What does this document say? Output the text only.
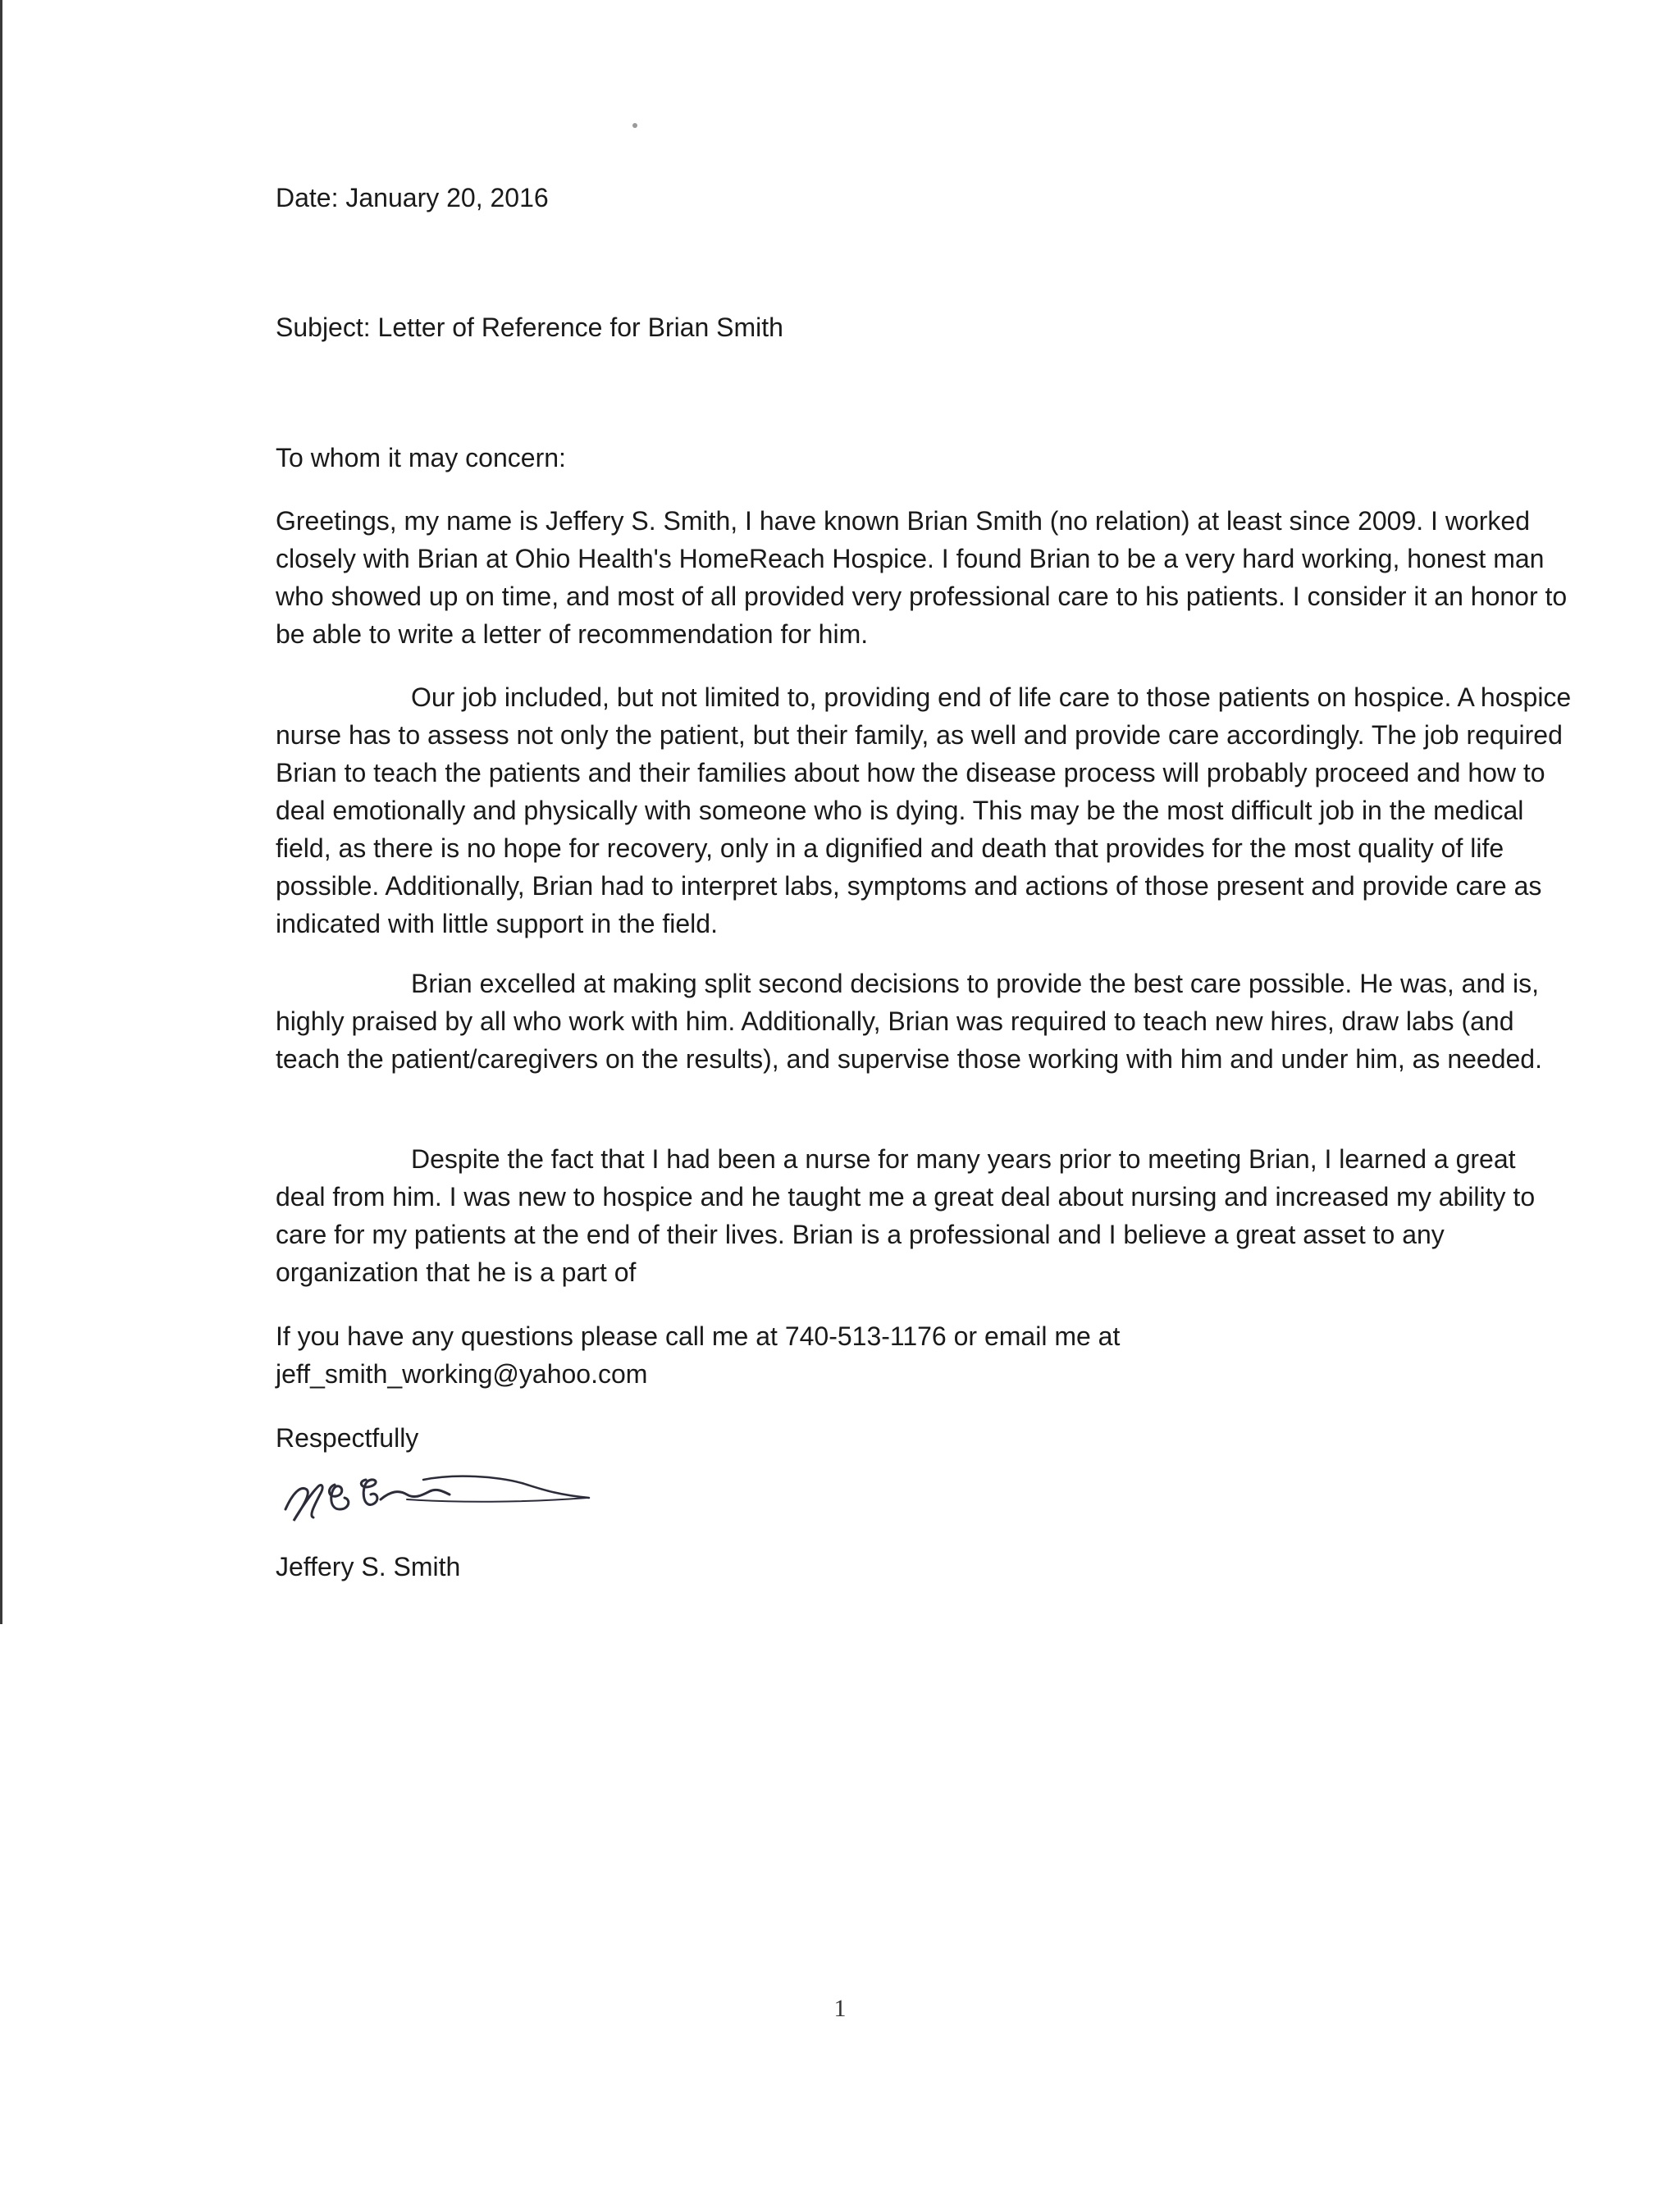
Date: January 20, 2016
Subject: Letter of Reference for Brian Smith
To whom it may concern:

Greetings, my name is Jeffery S. Smith, I have known Brian Smith (no relation) at least since 2009. I worked closely with Brian at Ohio Health's HomeReach Hospice. I found Brian to be a very hard working, honest man who showed up on time, and most of all provided very professional care to his patients. I consider it an honor to be able to write a letter of recommendation for him.

Our job included, but not limited to, providing end of life care to those patients on hospice. A hospice nurse has to assess not only the patient, but their family, as well and provide care accordingly. The job required Brian to teach the patients and their families about how the disease process will probably proceed and how to deal emotionally and physically with someone who is dying. This may be the most difficult job in the medical field, as there is no hope for recovery, only in a dignified and death that provides for the most quality of life possible. Additionally, Brian had to interpret labs, symptoms and actions of those present and provide care as indicated with little support in the field.

Brian excelled at making split second decisions to provide the best care possible. He was, and is, highly praised by all who work with him. Additionally, Brian was required to teach new hires, draw labs (and teach the patient/caregivers on the results), and supervise those working with him and under him, as needed.

Despite the fact that I had been a nurse for many years prior to meeting Brian, I learned a great deal from him. I was new to hospice and he taught me a great deal about nursing and increased my ability to care for my patients at the end of their lives. Brian is a professional and I believe a great asset to any organization that he is a part of

If you have any questions please call me at 740-513-1176 or email me at
jeff_smith_working@yahoo.com
Respectfully
Jeffery S. Smith
1
